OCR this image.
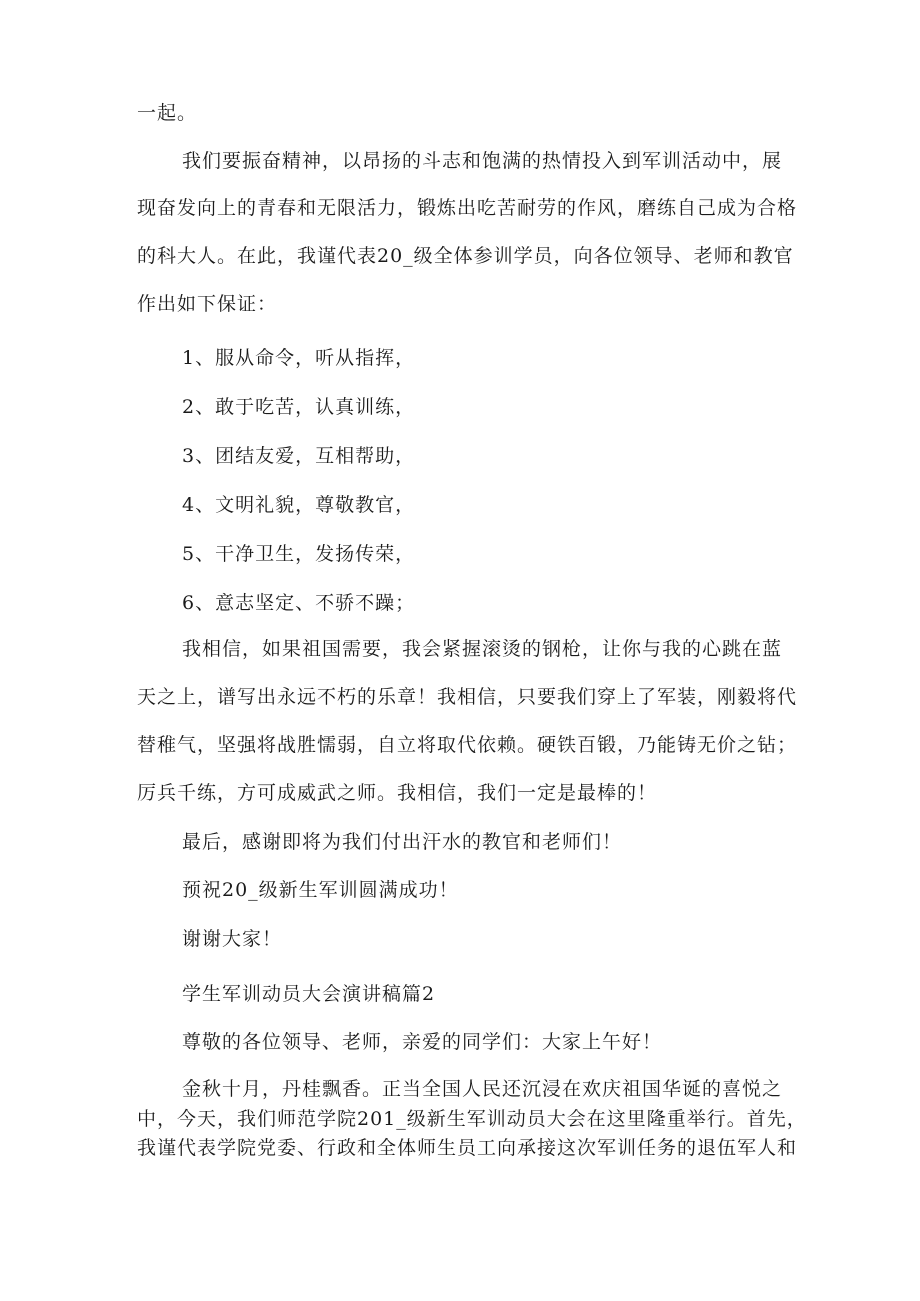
一起。
我们要振奋精神，以昂扬的斗志和饱满的热情投入到军训活动中，展
现奋发向上的青春和无限活力，锻炼出吃苦耐劳的作风，磨练自己成为合格
的科大人。在此，我谨代表20_级全体参训学员，向各位领导、老师和教官
作出如下保证：
1、服从命令，听从指挥，
2、敢于吃苦，认真训练，
3、团结友爱，互相帮助，
4、文明礼貌，尊敬教官，
5、干净卫生，发扬传荣，
6、意志坚定、不骄不躁；
我相信，如果祖国需要，我会紧握滚烫的钢枪，让你与我的心跳在蓝
天之上，谱写出永远不朽的乐章！我相信，只要我们穿上了军装，刚毅将代
替稚气，坚强将战胜懦弱，自立将取代依赖。硬铁百锻，乃能铸无价之钻；
厉兵千练，方可成威武之师。我相信，我们一定是最棒的！
最后，感谢即将为我们付出汗水的教官和老师们！
预祝20_级新生军训圆满成功！
谢谢大家！
学生军训动员大会演讲稿篇2
尊敬的各位领导、老师，亲爱的同学们：大家上午好！
金秋十月，丹桂飘香。正当全国人民还沉浸在欢庆祖国华诞的喜悦之
中，今天，我们师范学院201_级新生军训动员大会在这里隆重举行。首先，
我谨代表学院党委、行政和全体师生员工向承接这次军训任务的退伍军人和
